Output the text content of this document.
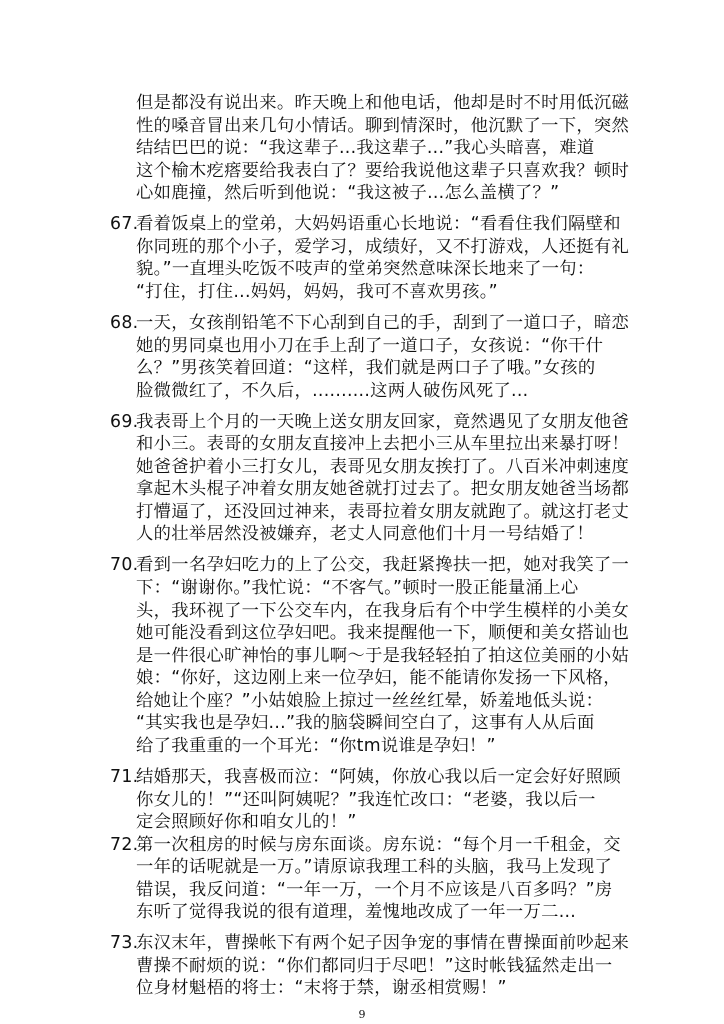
但是都没有说出来。昨天晚上和他电话，他却是时不时用低沉磁
性的嗓音冒出来几句小情话。聊到情深时，他沉默了一下，突然
结结巴巴的说：“我这辈子...我这辈子...”我心头暗喜，难道
这个榆木疙瘩要给我表白了？要给我说他这辈子只喜欢我？顿时
心如鹿撞，然后听到他说：“我这被子...怎么盖横了？”
67.看着饭桌上的堂弟，大妈妈语重心长地说：“看看住我们隔壁和
你同班的那个小子，爱学习，成绩好，又不打游戏，人还挺有礼
貌。”一直埋头吃饭不吱声的堂弟突然意味深长地来了一句：
“打住，打住...妈妈，妈妈，我可不喜欢男孩。”
68.一天，女孩削铅笔不下心刮到自己的手，刮到了一道口子，暗恋
她的男同桌也用小刀在手上刮了一道口子，女孩说：“你干什
么？”男孩笑着回道：“这样，我们就是两口子了哦。”女孩的
脸微微红了，不久后，..........这两人破伤风死了...
69.我表哥上个月的一天晚上送女朋友回家，竟然遇见了女朋友他爸
和小三。表哥的女朋友直接冲上去把小三从车里拉出来暴打呀！
她爸爸护着小三打女儿，表哥见女朋友挨打了。八百米冲刺速度
拿起木头棍子冲着女朋友她爸就打过去了。把女朋友她爸当场都
打懵逼了，还没回过神来，表哥拉着女朋友就跑了。就这打老丈
人的壮举居然没被嫌弃，老丈人同意他们十月一号结婚了！
70.看到一名孕妇吃力的上了公交，我赶紧搀扶一把，她对我笑了一
下：“谢谢你。”我忙说：“不客气。”顿时一股正能量涌上心
头，我环视了一下公交车内，在我身后有个中学生模样的小美女
她可能没看到这位孕妇吧。我来提醒他一下，顺便和美女搭讪也
是一件很心旷神怡的事儿啊～于是我轻轻拍了拍这位美丽的小姑
娘：“你好，这边刚上来一位孕妇，能不能请你发扬一下风格，
给她让个座？”小姑娘脸上掠过一丝丝红晕，娇羞地低头说：
“其实我也是孕妇...”我的脑袋瞬间空白了，这事有人从后面
给了我重重的一个耳光：“你tm说谁是孕妇！”
71.结婚那天，我喜极而泣：“阿姨，你放心我以后一定会好好照顾
你女儿的！”“还叫阿姨呢？”我连忙改口：“老婆，我以后一
定会照顾好你和咱女儿的！”
72.第一次租房的时候与房东面谈。房东说：“每个月一千租金，交
一年的话呢就是一万。”请原谅我理工科的头脑，我马上发现了
错误，我反问道：“一年一万，一个月不应该是八百多吗？”房
东听了觉得我说的很有道理，羞愧地改成了一年一万二...
73.东汉末年，曹操帐下有两个妃子因争宠的事情在曹操面前吵起来
曹操不耐烦的说：“你们都同归于尽吧！”这时帐钱猛然走出一
位身材魁梧的将士：“末将于禁，谢丞相赏赐！”
9
